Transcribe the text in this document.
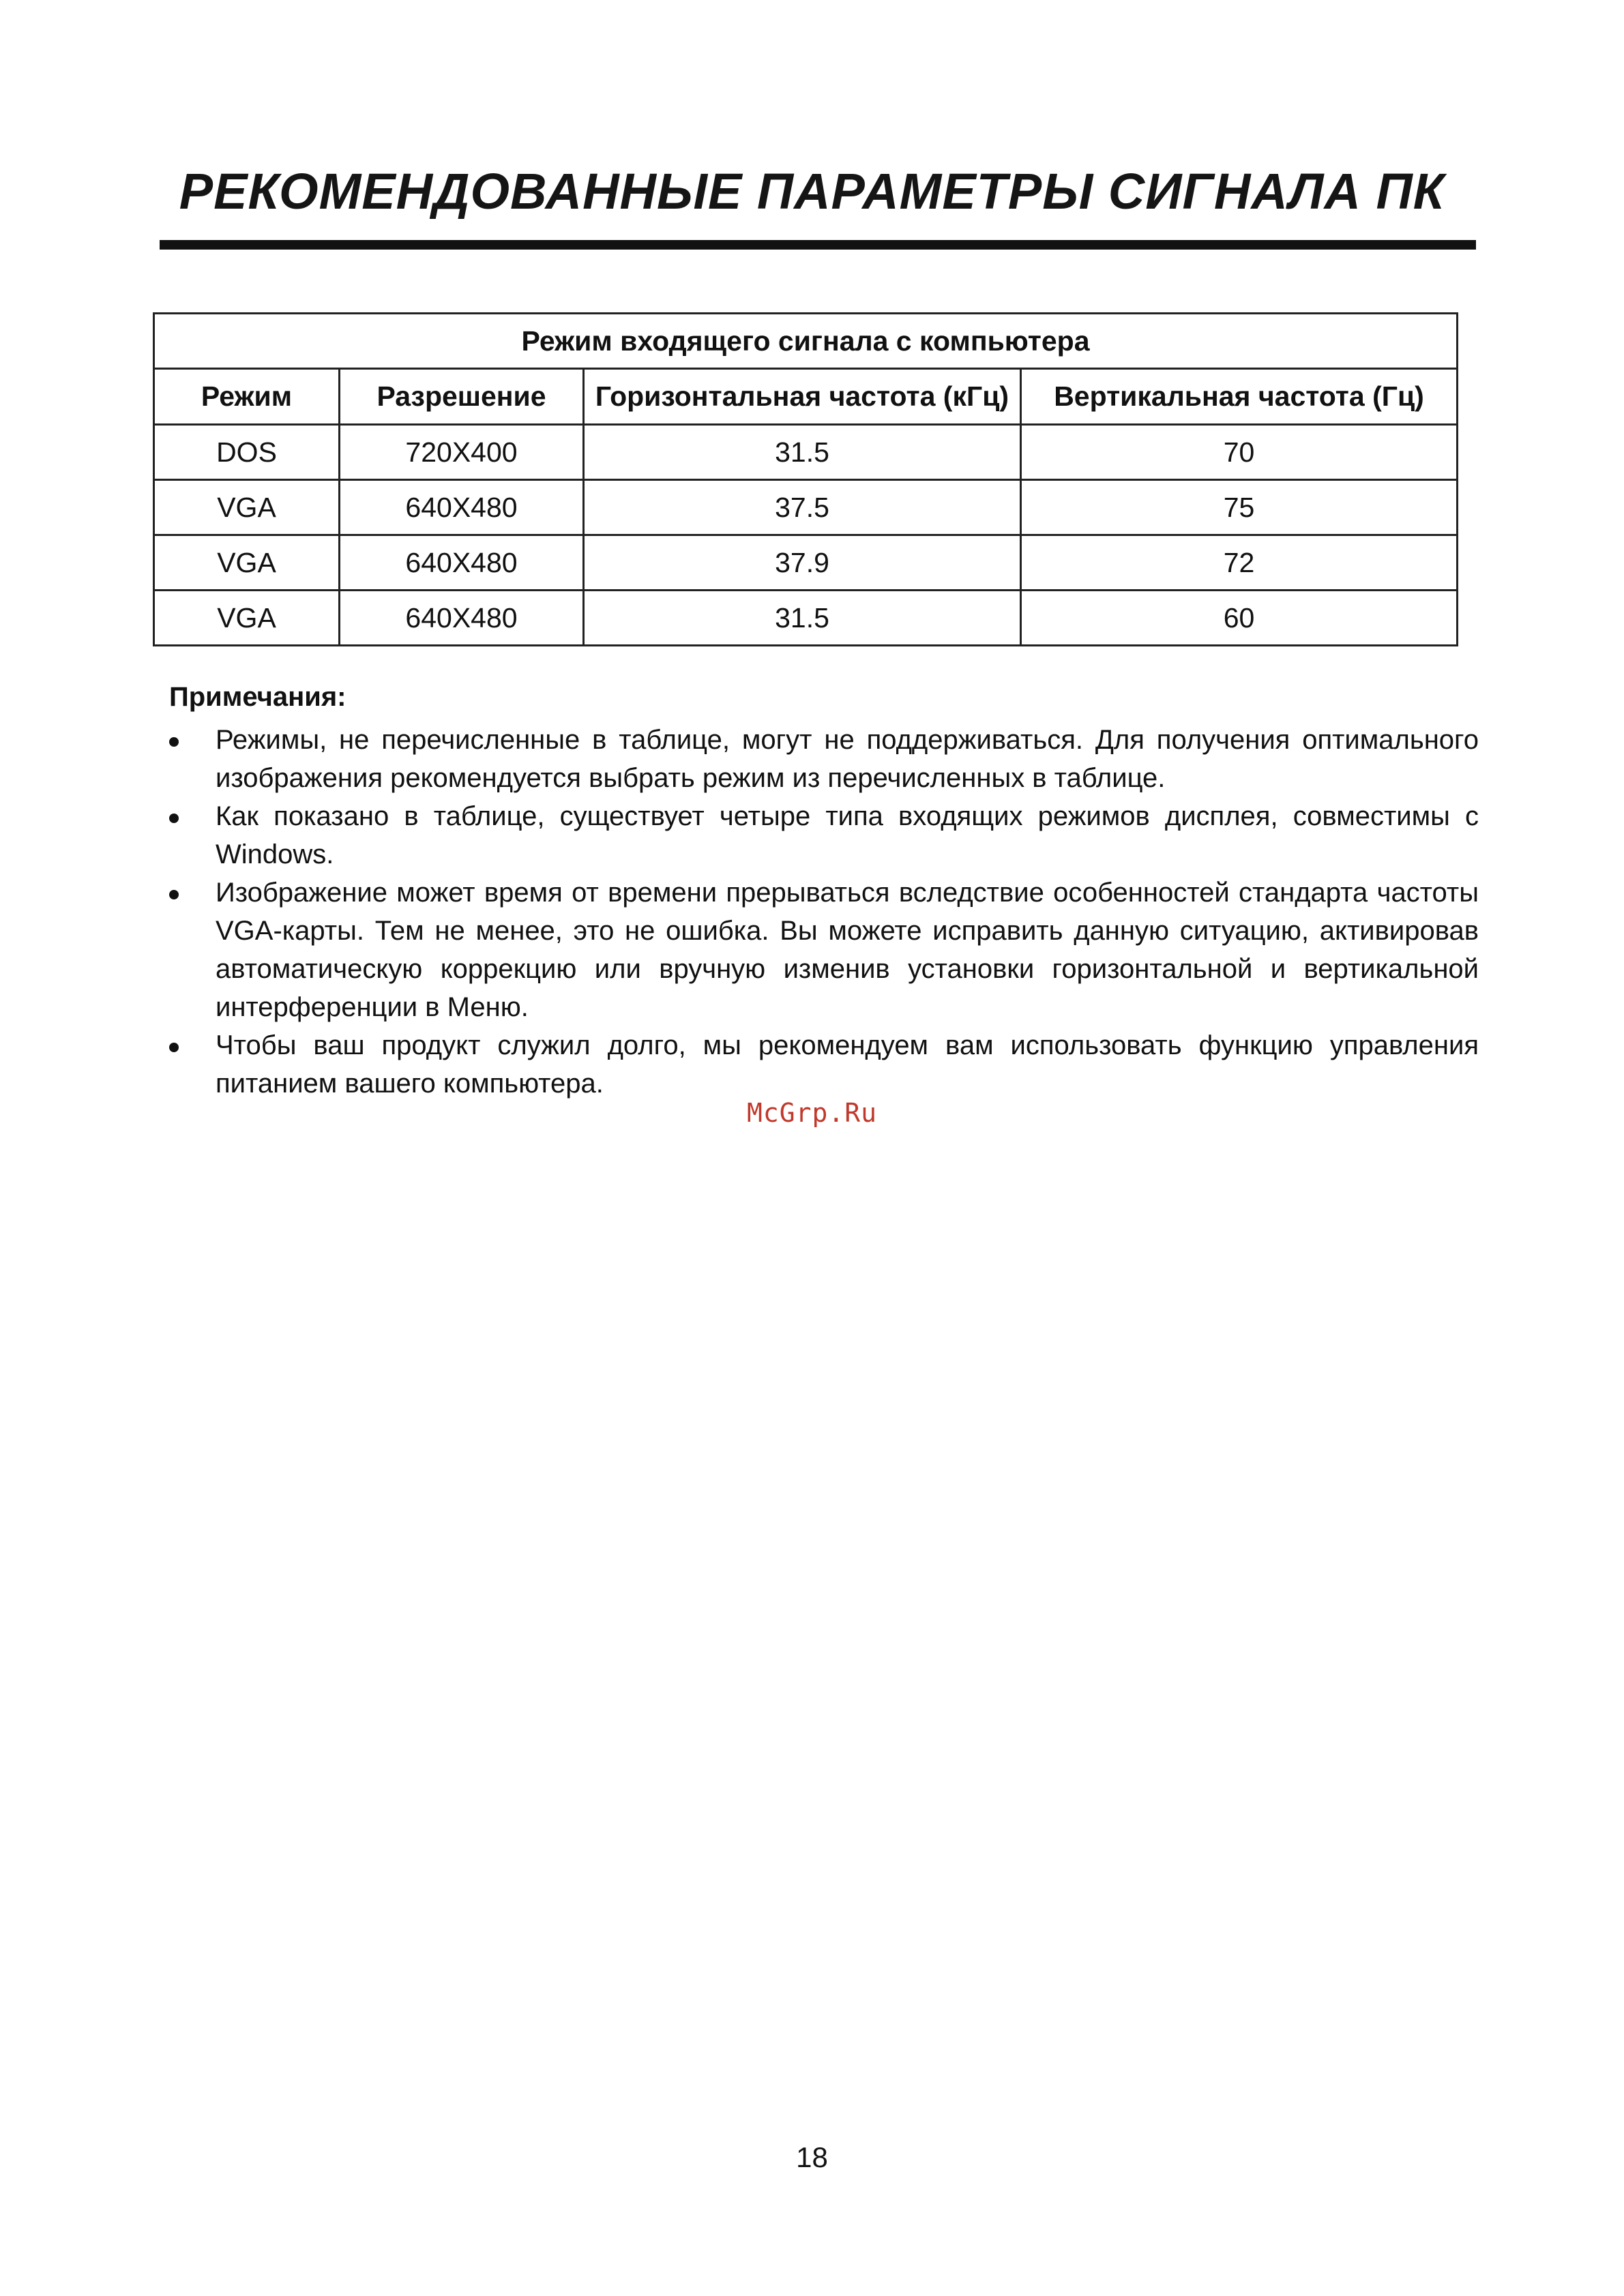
РЕКОМЕНДОВАННЫЕ ПАРАМЕТРЫ СИГНАЛА ПК
Режим входящего сигнала с компьютера			
Режим	Разрешение	Горизонтальная частота (кГц)	Вертикальная частота (Гц)
DOS	720X400	31.5	70
VGA	640X480	37.5	75
VGA	640X480	37.9	72
VGA	640X480	31.5	60
Примечания:
Режимы, не перечисленные в таблице, могут не поддерживаться. Для получения оптимального изображения рекомендуется выбрать режим из перечисленных в таблице.
Как показано в таблице, существует четыре типа входящих режимов дисплея, совместимы с Windows.
Изображение может время от времени прерываться вследствие особенностей стандарта частоты VGA-карты. Тем не менее, это не ошибка. Вы можете исправить данную ситуацию, активировав автоматическую коррекцию или вручную изменив установки горизонтальной и вертикальной интерференции в Меню.
Чтобы ваш продукт служил долго, мы рекомендуем вам использовать функцию управления питанием вашего компьютера.
McGrp.Ru
18
